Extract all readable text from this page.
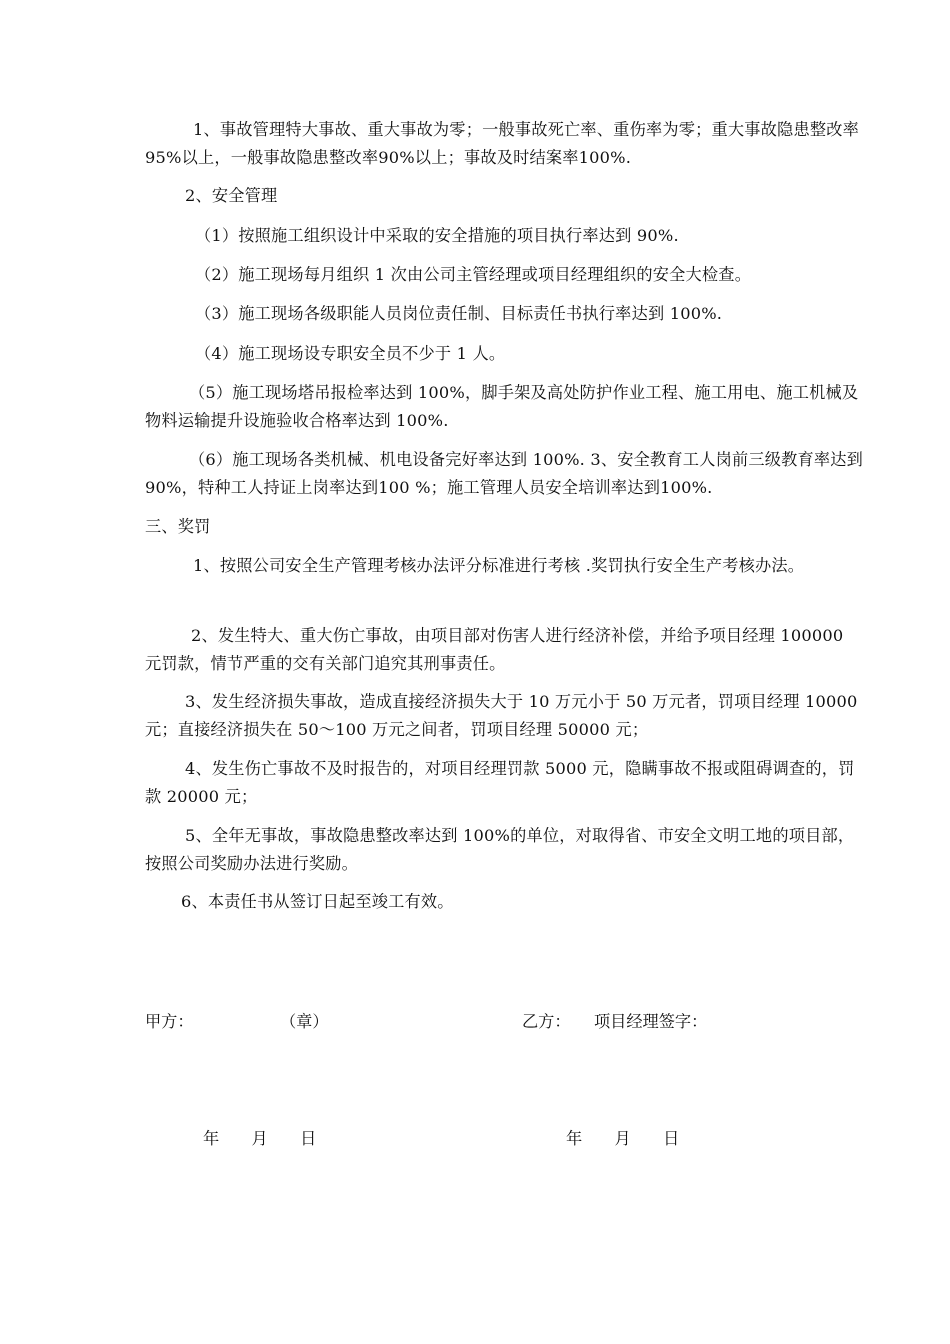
1、事故管理特大事故、重大事故为零；一般事故死亡率、重伤率为零；重大事故隐患整改率95%以上，一般事故隐患整改率90%以上；事故及时结案率100%.
2、安全管理
（1）按照施工组织设计中采取的安全措施的项目执行率达到 90%.
（2）施工现场每月组织 1 次由公司主管经理或项目经理组织的安全大检查。
（3）施工现场各级职能人员岗位责任制、目标责任书执行率达到 100%.
（4）施工现场设专职安全员不少于 1 人。
（5）施工现场塔吊报检率达到 100%，脚手架及高处防护作业工程、施工用电、施工机械及物料运输提升设施验收合格率达到 100%.
（6）施工现场各类机械、机电设备完好率达到 100%. 3、安全教育工人岗前三级教育率达到90%，特种工人持证上岗率达到100 %；施工管理人员安全培训率达到100%.
三、奖罚
1、按照公司安全生产管理考核办法评分标准进行考核 .奖罚执行安全生产考核办法。
2、发生特大、重大伤亡事故，由项目部对伤害人进行经济补偿，并给予项目经理 100000 元罚款，情节严重的交有关部门追究其刑事责任。
3、发生经济损失事故，造成直接经济损失大于 10 万元小于 50 万元者，罚项目经理 10000 元；直接经济损失在 50～100 万元之间者，罚项目经理 50000 元；
4、发生伤亡事故不及时报告的，对项目经理罚款 5000 元，隐瞒事故不报或阻碍调查的，罚款 20000 元；
5、全年无事故，事故隐患整改率达到 100%的单位，对取得省、市安全文明工地的项目部，按照公司奖励办法进行奖励。
6、本责任书从签订日起至竣工有效。
甲方：	（章）	乙方： 项目经理签字：
年　　月　　日	年　　月　　日
